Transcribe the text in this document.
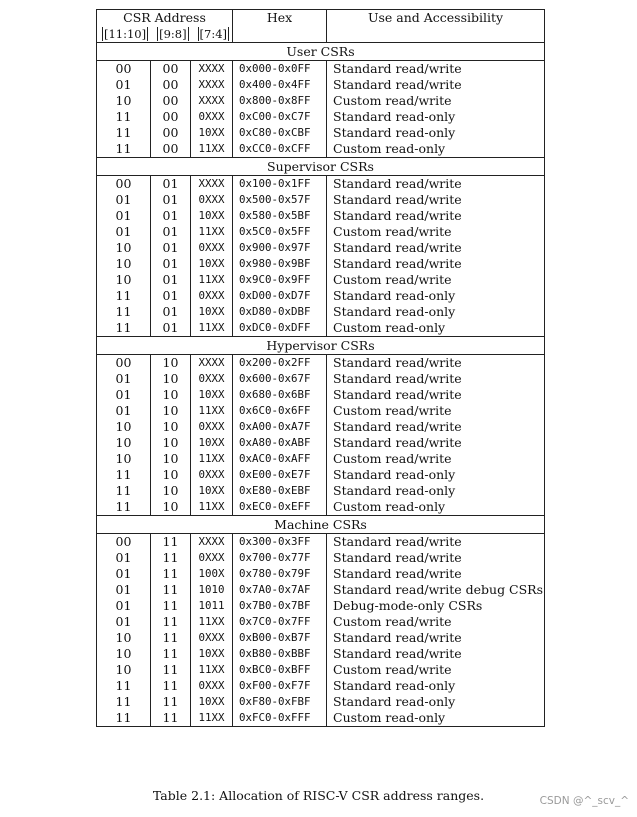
CSR Address			Hex	Use and Accessibility

[11:10] [9:8] [7:4]				

User CSRs				
00	00	XXXX	0x000-0x0FF	Standard read/write
01	00	XXXX	0x400-0x4FF	Standard read/write
10	00	XXXX	0x800-0x8FF	Custom read/write
11	00	0XXX	0xC00-0xC7F	Standard read-only
11	00	10XX	0xC80-0xCBF	Standard read-only
11	00	11XX	0xCC0-0xCFF	Custom read-only
Supervisor CSRs				
00	01	XXXX	0x100-0x1FF	Standard read/write
01	01	0XXX	0x500-0x57F	Standard read/write
01	01	10XX	0x580-0x5BF	Standard read/write
01	01	11XX	0x5C0-0x5FF	Custom read/write
10	01	0XXX	0x900-0x97F	Standard read/write
10	01	10XX	0x980-0x9BF	Standard read/write
10	01	11XX	0x9C0-0x9FF	Custom read/write
11	01	0XXX	0xD00-0xD7F	Standard read-only
11	01	10XX	0xD80-0xDBF	Standard read-only
11	01	11XX	0xDC0-0xDFF	Custom read-only
Hypervisor CSRs				
00	10	XXXX	0x200-0x2FF	Standard read/write
01	10	0XXX	0x600-0x67F	Standard read/write
01	10	10XX	0x680-0x6BF	Standard read/write
01	10	11XX	0x6C0-0x6FF	Custom read/write
10	10	0XXX	0xA00-0xA7F	Standard read/write
10	10	10XX	0xA80-0xABF	Standard read/write
10	10	11XX	0xAC0-0xAFF	Custom read/write
11	10	0XXX	0xE00-0xE7F	Standard read-only
11	10	10XX	0xE80-0xEBF	Standard read-only
11	10	11XX	0xEC0-0xEFF	Custom read-only
Machine CSRs				
00	11	XXXX	0x300-0x3FF	Standard read/write
01	11	0XXX	0x700-0x77F	Standard read/write
01	11	100X	0x780-0x79F	Standard read/write
01	11	1010	0x7A0-0x7AF	Standard read/write debug CSRs
01	11	1011	0x7B0-0x7BF	Debug-mode-only CSRs
01	11	11XX	0x7C0-0x7FF	Custom read/write
10	11	0XXX	0xB00-0xB7F	Standard read/write
10	11	10XX	0xB80-0xBBF	Standard read/write
10	11	11XX	0xBC0-0xBFF	Custom read/write
11	11	0XXX	0xF00-0xF7F	Standard read-only
11	11	10XX	0xF80-0xFBF	Standard read-only
11	11	11XX	0xFC0-0xFFF	Custom read-only
Table 2.1: Allocation of RISC-V CSR address ranges.	CSDN @^_scv_^
